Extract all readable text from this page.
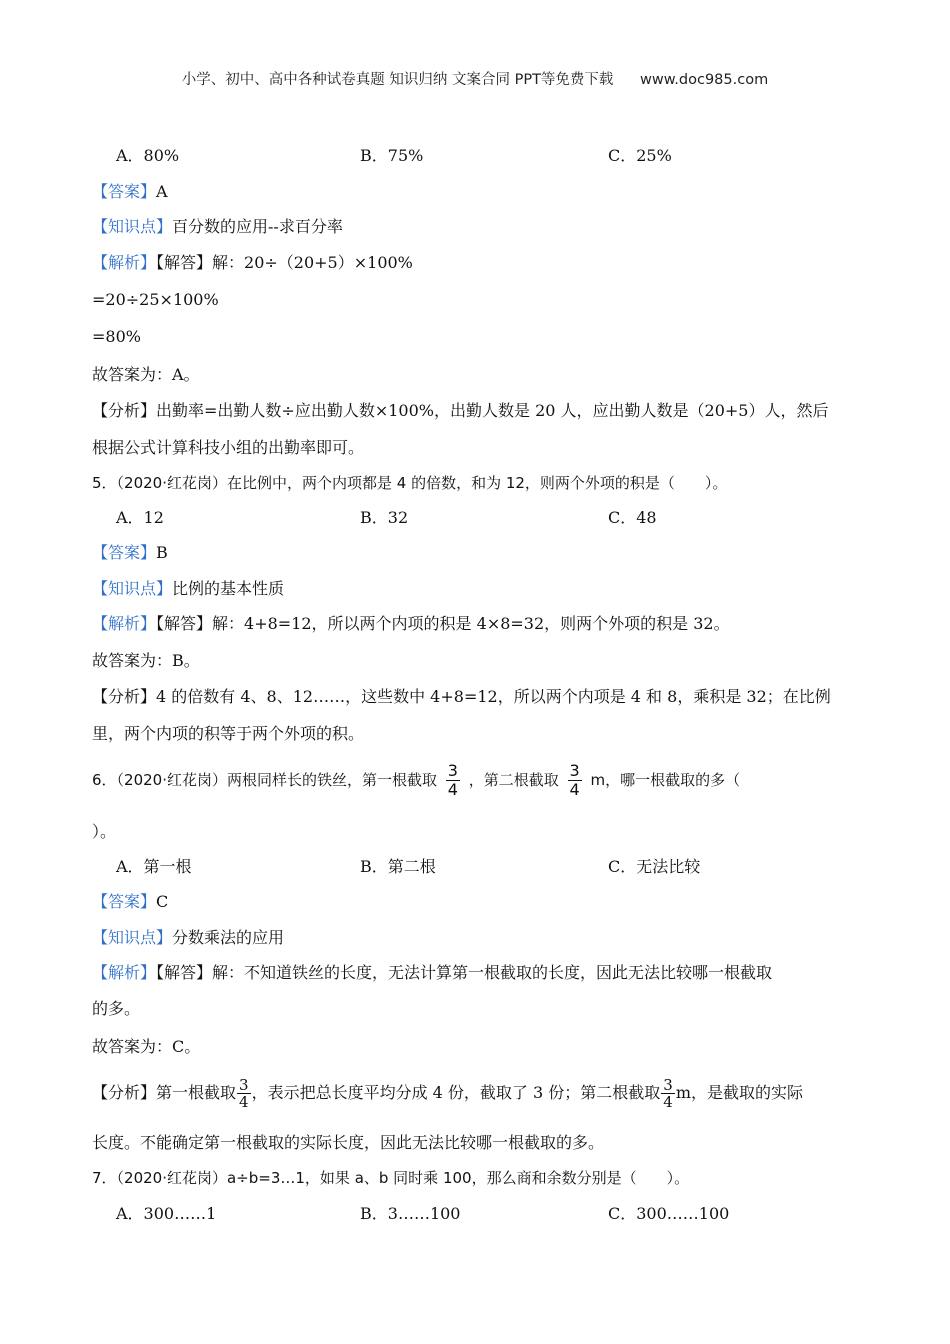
小学、初中、高中各种试卷真题 知识归纳 文案合同 PPT等免费下载 www.doc985.com
A．80%	B．75%	C．25%
【答案】A
【知识点】百分数的应用--求百分率
【解析】【解答】解：20÷（20+5）×100%
=20÷25×100%
=80%
故答案为：A。
【分析】出勤率=出勤人数÷应出勤人数×100%，出勤人数是 20 人，应出勤人数是（20+5）人，然后
根据公式计算科技小组的出勤率即可。
5．（2020·红花岗）在比例中，两个内项都是 4 的倍数，和为 12，则两个外项的积是（　　）。
A．12	B．32	C．48
【答案】B
【知识点】比例的基本性质
【解析】【解答】解：4+8=12，所以两个内项的积是 4×8=32，则两个外项的积是 32。
故答案为：B。
【分析】4 的倍数有 4、8、12……，这些数中 4+8=12，所以两个内项是 4 和 8，乘积是 32；在比例
里，两个内项的积等于两个外项的积。
6．（2020·红花岗）两根同样长的铁丝，第一根截取 $\frac{3}{4}$ ，第二根截取 $\frac{3}{4}$ m，哪一根截取的多（
）。
A．第一根	B．第二根	C．无法比较
【答案】C
【知识点】分数乘法的应用
【解析】【解答】解：不知道铁丝的长度，无法计算第一根截取的长度，因此无法比较哪一根截取
的多。
故答案为：C。
【分析】第一根截取 $\frac{3}{4}$ ，表示把总长度平均分成 4 份，截取了 3 份；第二根截取 $\frac{3}{4}$ m，是截取的实际
长度。不能确定第一根截取的实际长度，因此无法比较哪一根截取的多。
7．（2020·红花岗）a÷b=3…1，如果 a、b 同时乘 100，那么商和余数分别是（　　）。
A．300……1	B．3……100	C．300……100
